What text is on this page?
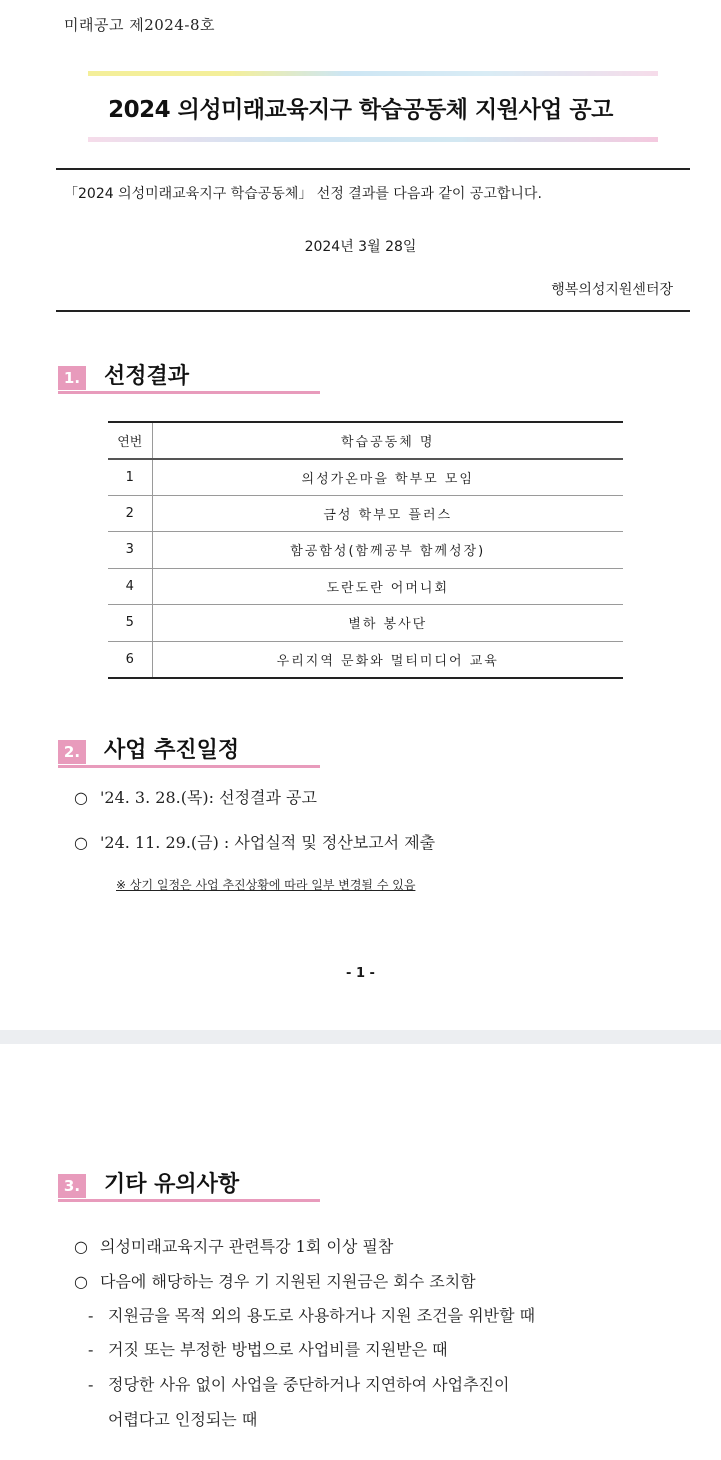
미래공고 제2024-8호
2024 의성미래교육지구 학습공동체 지원사업 공고
「2024 의성미래교육지구 학습공동체」 선정 결과를 다음과 같이 공고합니다.
2024년 3월 28일
행복의성지원센터장
1. 선정결과
연번	학습공동체 명
1	의성가온마을 학부모 모임
2	금성 학부모 플러스
3	함공함성(함께공부 함께성장)
4	도란도란 어머니회
5	별하 봉사단
6	우리지역 문화와 멀티미디어 교육
2. 사업 추진일정
○ '24. 3. 28.(목): 선정결과 공고
○ '24. 11. 29.(금) : 사업실적 및 정산보고서 제출
※ 상기 일정은 사업 추진상황에 따라 일부 변경될 수 있음
- 1 -
3. 기타 유의사항
○ 의성미래교육지구 관련특강 1회 이상 필참
○ 다음에 해당하는 경우 기 지원된 지원금은 회수 조치함
- 지원금을 목적 외의 용도로 사용하거나 지원 조건을 위반할 때
- 거짓 또는 부정한 방법으로 사업비를 지원받은 때
- 정당한 사유 없이 사업을 중단하거나 지연하여 사업추진이
어렵다고 인정되는 때
